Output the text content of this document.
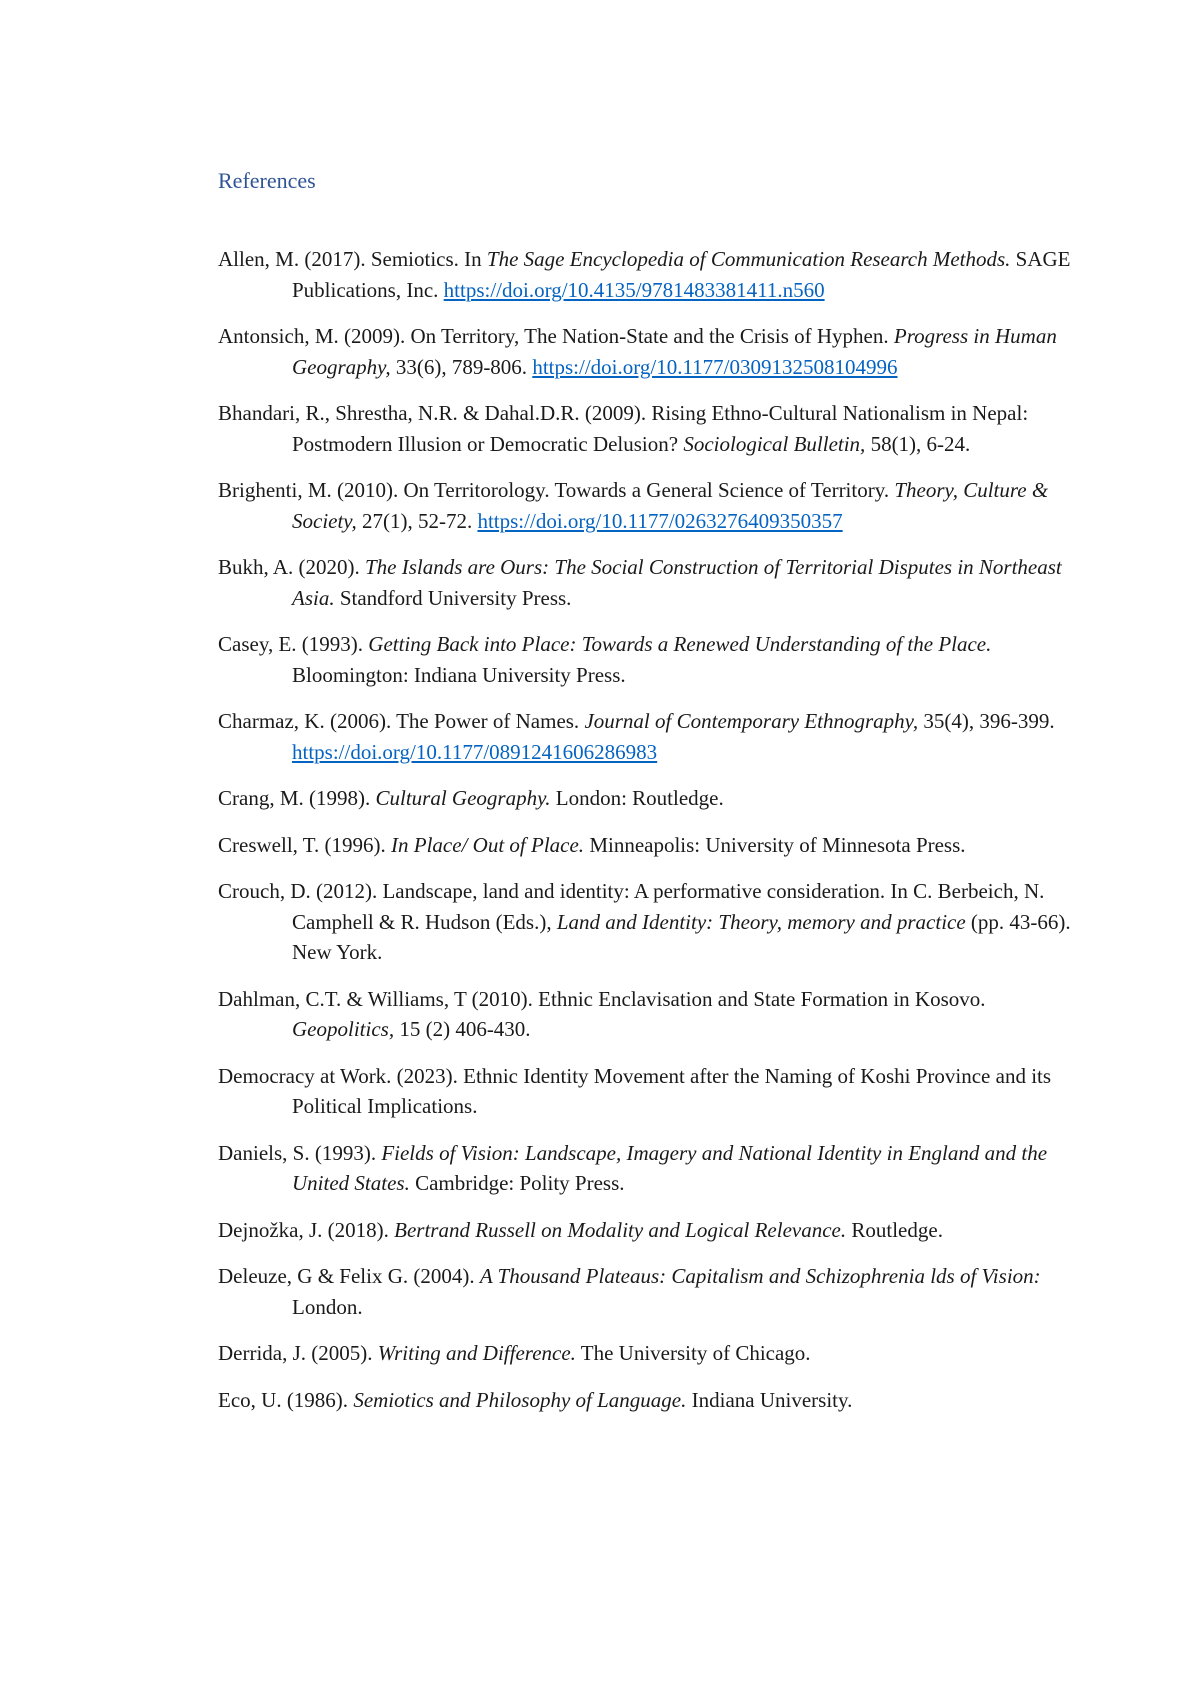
References
Allen, M. (2017). Semiotics. In The Sage Encyclopedia of Communication Research Methods. SAGE Publications, Inc. https://doi.org/10.4135/9781483381411.n560
Antonsich, M. (2009). On Territory, The Nation-State and the Crisis of Hyphen. Progress in Human Geography, 33(6), 789-806. https://doi.org/10.1177/0309132508104996
Bhandari, R., Shrestha, N.R. & Dahal.D.R. (2009). Rising Ethno-Cultural Nationalism in Nepal: Postmodern Illusion or Democratic Delusion? Sociological Bulletin, 58(1), 6-24.
Brighenti, M. (2010). On Territorology. Towards a General Science of Territory. Theory, Culture & Society, 27(1), 52-72. https://doi.org/10.1177/0263276409350357
Bukh, A. (2020). The Islands are Ours: The Social Construction of Territorial Disputes in Northeast Asia. Standford University Press.
Casey, E. (1993). Getting Back into Place: Towards a Renewed Understanding of the Place. Bloomington: Indiana University Press.
Charmaz, K. (2006). The Power of Names. Journal of Contemporary Ethnography, 35(4), 396-399. https://doi.org/10.1177/0891241606286983
Crang, M. (1998). Cultural Geography. London: Routledge.
Creswell, T. (1996). In Place/ Out of Place. Minneapolis: University of Minnesota Press.
Crouch, D. (2012). Landscape, land and identity: A performative consideration. In C. Berbeich, N. Camphell & R. Hudson (Eds.), Land and Identity: Theory, memory and practice (pp. 43-66). New York.
Dahlman, C.T. & Williams, T (2010). Ethnic Enclavisation and State Formation in Kosovo. Geopolitics, 15 (2) 406-430.
Democracy at Work. (2023). Ethnic Identity Movement after the Naming of Koshi Province and its Political Implications.
Daniels, S. (1993). Fields of Vision: Landscape, Imagery and National Identity in England and the United States. Cambridge: Polity Press.
Dejnožka, J. (2018). Bertrand Russell on Modality and Logical Relevance. Routledge.
Deleuze, G & Felix G. (2004). A Thousand Plateaus: Capitalism and Schizophrenia lds of Vision: London.
Derrida, J. (2005). Writing and Difference. The University of Chicago.
Eco, U. (1986). Semiotics and Philosophy of Language. Indiana University.
